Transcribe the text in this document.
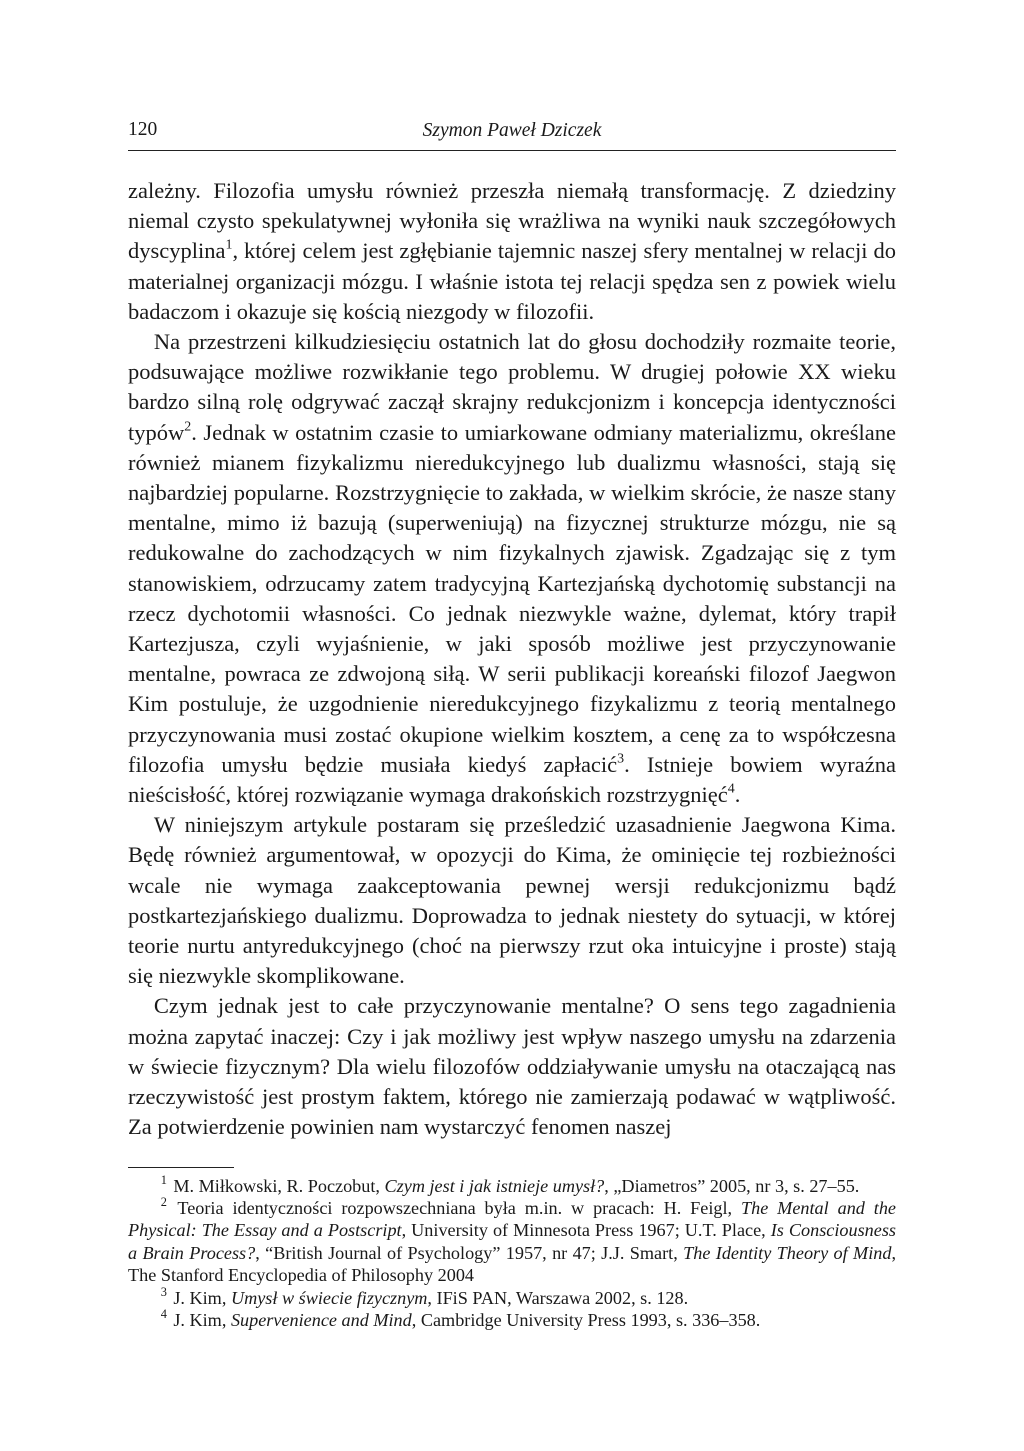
120	Szymon Paweł Dziczek

zależny. Filozofia umysłu również przeszła niemałą transformację. Z dziedziny niemal czysto spekulatywnej wyłoniła się wrażliwa na wyniki nauk szczegółowych dyscyplina$^1$, której celem jest zgłębianie tajemnic naszej sfery mentalnej w relacji do materialnej organizacji mózgu. I właśnie istota tej relacji spędza sen z powiek wielu badaczom i okazuje się kością niezgody w filozofii.

Na przestrzeni kilkudziesięciu ostatnich lat do głosu dochodziły rozmaite teorie, podsuwające możliwe rozwikłanie tego problemu. W drugiej połowie XX wieku bardzo silną rolę odgrywać zaczął skrajny redukcjonizm i koncepcja identyczności typów$^2$. Jednak w ostatnim czasie to umiarkowane odmiany materializmu, określane również mianem fizykalizmu nieredukcyjnego lub dualizmu własności, stają się najbardziej popularne. Rozstrzygnięcie to zakłada, w wielkim skrócie, że nasze stany mentalne, mimo iż bazują (superweniują) na fizycznej strukturze mózgu, nie są redukowalne do zachodzących w nim fizykalnych zjawisk. Zgadzając się z tym stanowiskiem, odrzucamy zatem tradycyjną Kartezjańską dychotomię substancji na rzecz dychotomii własności. Co jednak niezwykle ważne, dylemat, który trapił Kartezjusza, czyli wyjaśnienie, w jaki sposób możliwe jest przyczynowanie mentalne, powraca ze zdwojoną siłą. W serii publikacji koreański filozof Jaegwon Kim postuluje, że uzgodnienie nieredukcyjnego fizykalizmu z teorią mentalnego przyczynowania musi zostać okupione wielkim kosztem, a cenę za to współczesna filozofia umysłu będzie musiała kiedyś zapłacić$^3$. Istnieje bowiem wyraźna nieścisłość, której rozwiązanie wymaga drakońskich rozstrzygnięć$^4$.

W niniejszym artykule postaram się prześledzić uzasadnienie Jaegwona Kima. Będę również argumentował, w opozycji do Kima, że ominięcie tej rozbieżności wcale nie wymaga zaakceptowania pewnej wersji redukcjonizmu bądź postkartezjańskiego dualizmu. Doprowadza to jednak niestety do sytuacji, w której teorie nurtu antyredukcyjnego (choć na pierwszy rzut oka intuicyjne i proste) stają się niezwykle skomplikowane.

Czym jednak jest to całe przyczynowanie mentalne? O sens tego zagadnienia można zapytać inaczej: Czy i jak możliwy jest wpływ naszego umysłu na zdarzenia w świecie fizycznym? Dla wielu filozofów oddziaływanie umysłu na otaczającą nas rzeczywistość jest prostym faktem, którego nie zamierzają podawać w wątpliwość. Za potwierdzenie powinien nam wystarczyć fenomen naszej

$^1$ M. Miłkowski, R. Poczobut, Czym jest i jak istnieje umysł?, „Diametros” 2005, nr 3, s. 27–55.

$^2$ Teoria identyczności rozpowszechniana była m.in. w pracach: H. Feigl, The Mental and the Physical: The Essay and a Postscript, University of Minnesota Press 1967; U.T. Place, Is Consciousness a Brain Process?, “British Journal of Psychology” 1957, nr 47; J.J. Smart, The Identity Theory of Mind, The Stanford Encyclopedia of Philosophy 2004

$^3$ J. Kim, Umysł w świecie fizycznym, IFiS PAN, Warszawa 2002, s. 128.

$^4$ J. Kim, Supervenience and Mind, Cambridge University Press 1993, s. 336–358.
